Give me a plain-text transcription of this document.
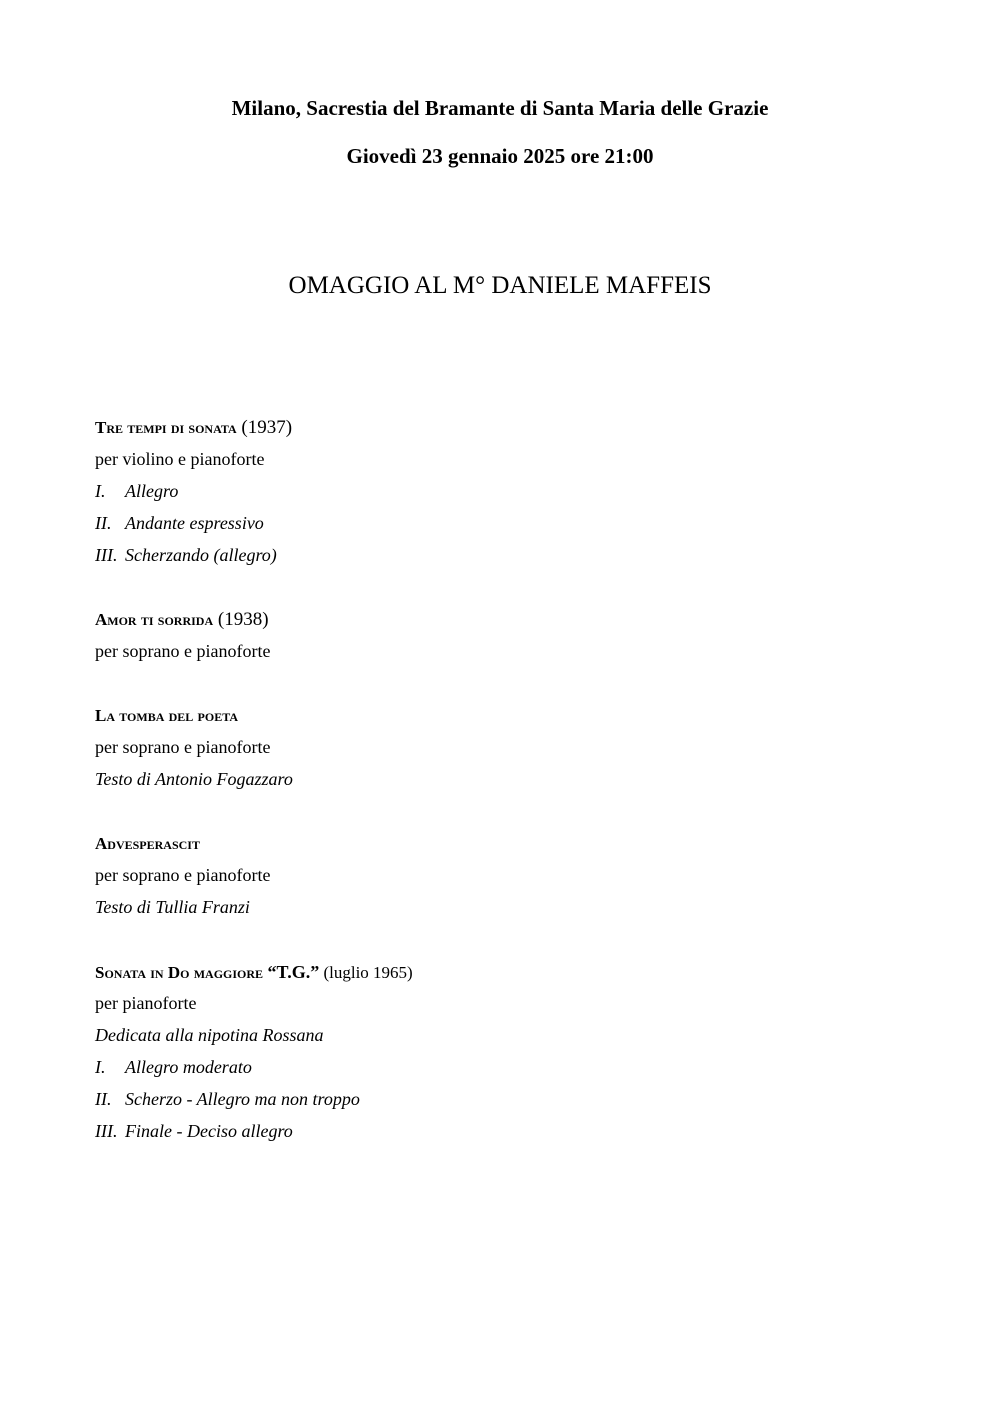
Milano, Sacrestia del Bramante di Santa Maria delle Grazie
Giovedì 23 gennaio 2025 ore 21:00
OMAGGIO AL M° DANIELE MAFFEIS
Tre tempi di sonata (1937)
per violino e pianoforte
I. Allegro
II. Andante espressivo
III. Scherzando (allegro)
Amor ti sorrida (1938)
per soprano e pianoforte
La tomba del poeta
per soprano e pianoforte
Testo di Antonio Fogazzaro
Advesperascit
per soprano e pianoforte
Testo di Tullia Franzi
Sonata in Do maggiore “T.G.” (luglio 1965)
per pianoforte
Dedicata alla nipotina Rossana
I. Allegro moderato
II. Scherzo - Allegro ma non troppo
III. Finale - Deciso allegro
